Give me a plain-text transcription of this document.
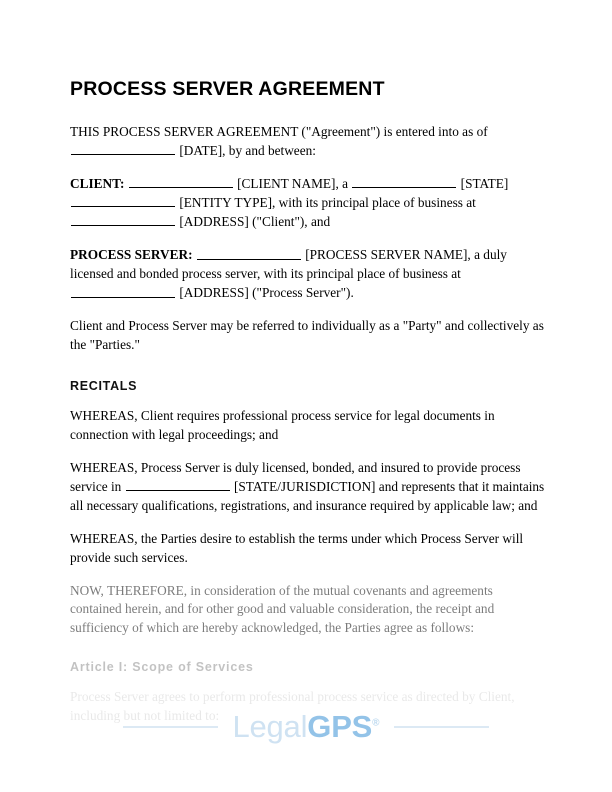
PROCESS SERVER AGREEMENT

THIS PROCESS SERVER AGREEMENT ("Agreement") is entered into as of  [DATE], by and between:

CLIENT:	[CLIENT NAME], a	[STATE]  [ENTITY TYPE], with its principal place of business at  [ADDRESS] ("Client"), and

PROCESS SERVER:	[PROCESS SERVER NAME], a duly licensed and bonded process server, with its principal place of business at  [ADDRESS] ("Process Server").

Client and Process Server may be referred to individually as a "Party" and collectively as the "Parties."

RECITALS

WHEREAS, Client requires professional process service for legal documents in connection with legal proceedings; and

WHEREAS, Process Server is duly licensed, bonded, and insured to provide process service in	[STATE/JURISDICTION] and represents that it maintains all necessary qualifications, registrations, and insurance required by applicable law; and

WHEREAS, the Parties desire to establish the terms under which Process Server will provide such services.

NOW, THEREFORE, in consideration of the mutual covenants and agreements contained herein, and for other good and valuable consideration, the receipt and sufficiency of which are hereby acknowledged, the Parties agree as follows:

Article I: Scope of Services

Process Server agrees to perform professional process service as directed by Client, including but not limited to: LegalGPS®
